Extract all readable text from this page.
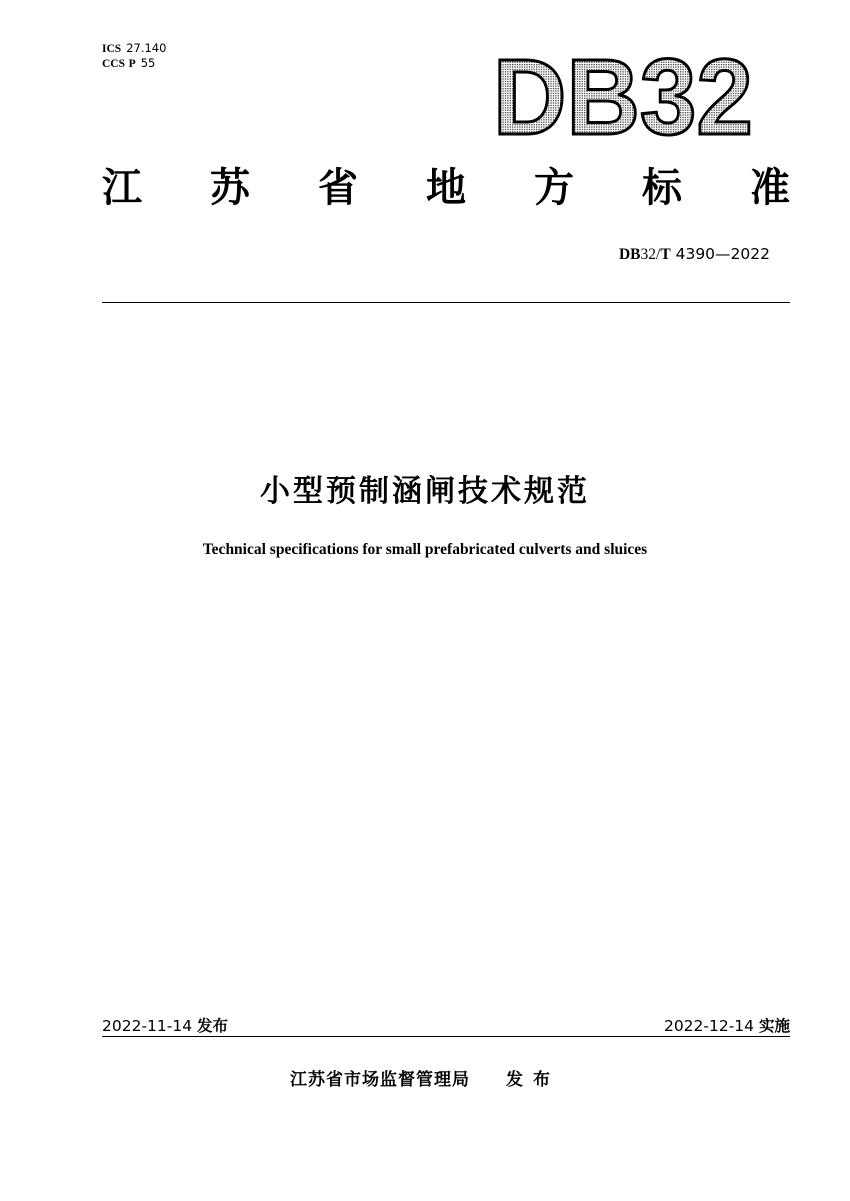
ICS 27.140
CCS P 55	DB32
江 苏 省 地 方 标 准
DB32/T 4390—2022
小型预制涵闸技术规范
Technical specifications for small prefabricated culverts and sluices
2022-11-14 发布	2022-12-14 实施
江苏省市场监督管理局 发布
